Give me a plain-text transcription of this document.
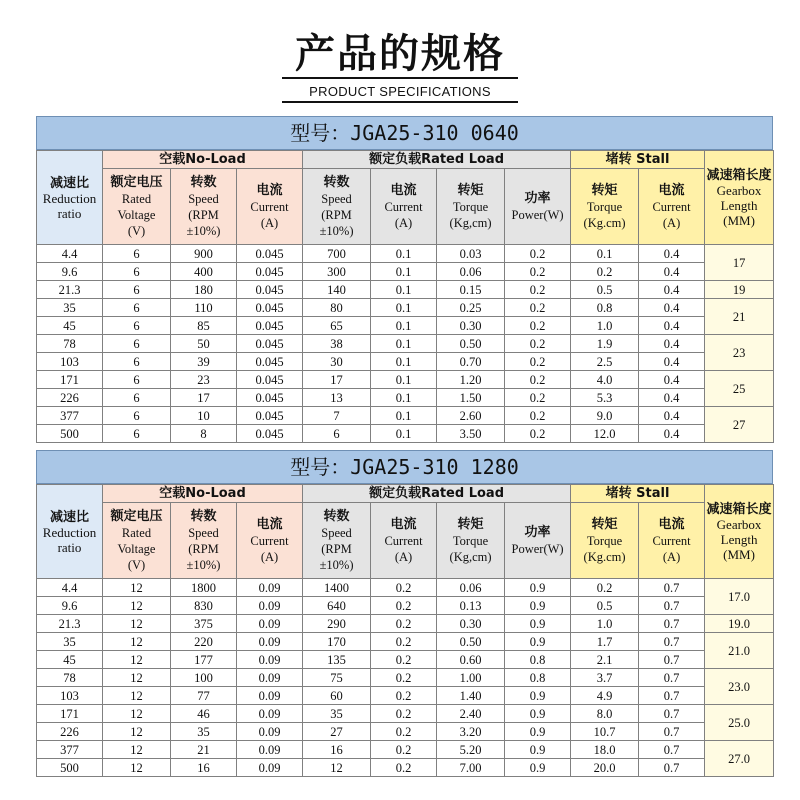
产品的规格
PRODUCT SPECIFICATIONS
型号：JGA25-310 0640
减速比
Reduction
ratio	空载No-Load			额定负载Rated Load				堵转 Stall		减速箱长度
Gearbox
Length
(MM)
	额定电压
Rated
Voltage
(V)	转数
Speed
(RPM
±10%)	电流
Current
(A)	转数
Speed
(RPM
±10%)	电流
Current
(A)	转矩
Torque
(Kg,cm)	功率
Power(W)	转矩
Torque
(Kg.cm)	电流
Current
(A)	
4.4	6	900	0.045	700	0.1	0.03	0.2	0.1	0.4	17
9.6	6	400	0.045	300	0.1	0.06	0.2	0.2	0.4	
21.3	6	180	0.045	140	0.1	0.15	0.2	0.5	0.4	19
35	6	110	0.045	80	0.1	0.25	0.2	0.8	0.4	21
45	6	85	0.045	65	0.1	0.30	0.2	1.0	0.4	
78	6	50	0.045	38	0.1	0.50	0.2	1.9	0.4	23
103	6	39	0.045	30	0.1	0.70	0.2	2.5	0.4	
171	6	23	0.045	17	0.1	1.20	0.2	4.0	0.4	25
226	6	17	0.045	13	0.1	1.50	0.2	5.3	0.4	
377	6	10	0.045	7	0.1	2.60	0.2	9.0	0.4	27
500	6	8	0.045	6	0.1	3.50	0.2	12.0	0.4	
型号：JGA25-310 1280
减速比
Reduction
ratio	空载No-Load			额定负载Rated Load				堵转 Stall		减速箱长度
Gearbox
Length
(MM)
	额定电压
Rated
Voltage
(V)	转数
Speed
(RPM
±10%)	电流
Current
(A)	转数
Speed
(RPM
±10%)	电流
Current
(A)	转矩
Torque
(Kg,cm)	功率
Power(W)	转矩
Torque
(Kg.cm)	电流
Current
(A)	
4.4	12	1800	0.09	1400	0.2	0.06	0.9	0.2	0.7	17.0
9.6	12	830	0.09	640	0.2	0.13	0.9	0.5	0.7	
21.3	12	375	0.09	290	0.2	0.30	0.9	1.0	0.7	19.0
35	12	220	0.09	170	0.2	0.50	0.9	1.7	0.7	21.0
45	12	177	0.09	135	0.2	0.60	0.8	2.1	0.7	
78	12	100	0.09	75	0.2	1.00	0.8	3.7	0.7	23.0
103	12	77	0.09	60	0.2	1.40	0.9	4.9	0.7	
171	12	46	0.09	35	0.2	2.40	0.9	8.0	0.7	25.0
226	12	35	0.09	27	0.2	3.20	0.9	10.7	0.7	
377	12	21	0.09	16	0.2	5.20	0.9	18.0	0.7	27.0
500	12	16	0.09	12	0.2	7.00	0.9	20.0	0.7	
